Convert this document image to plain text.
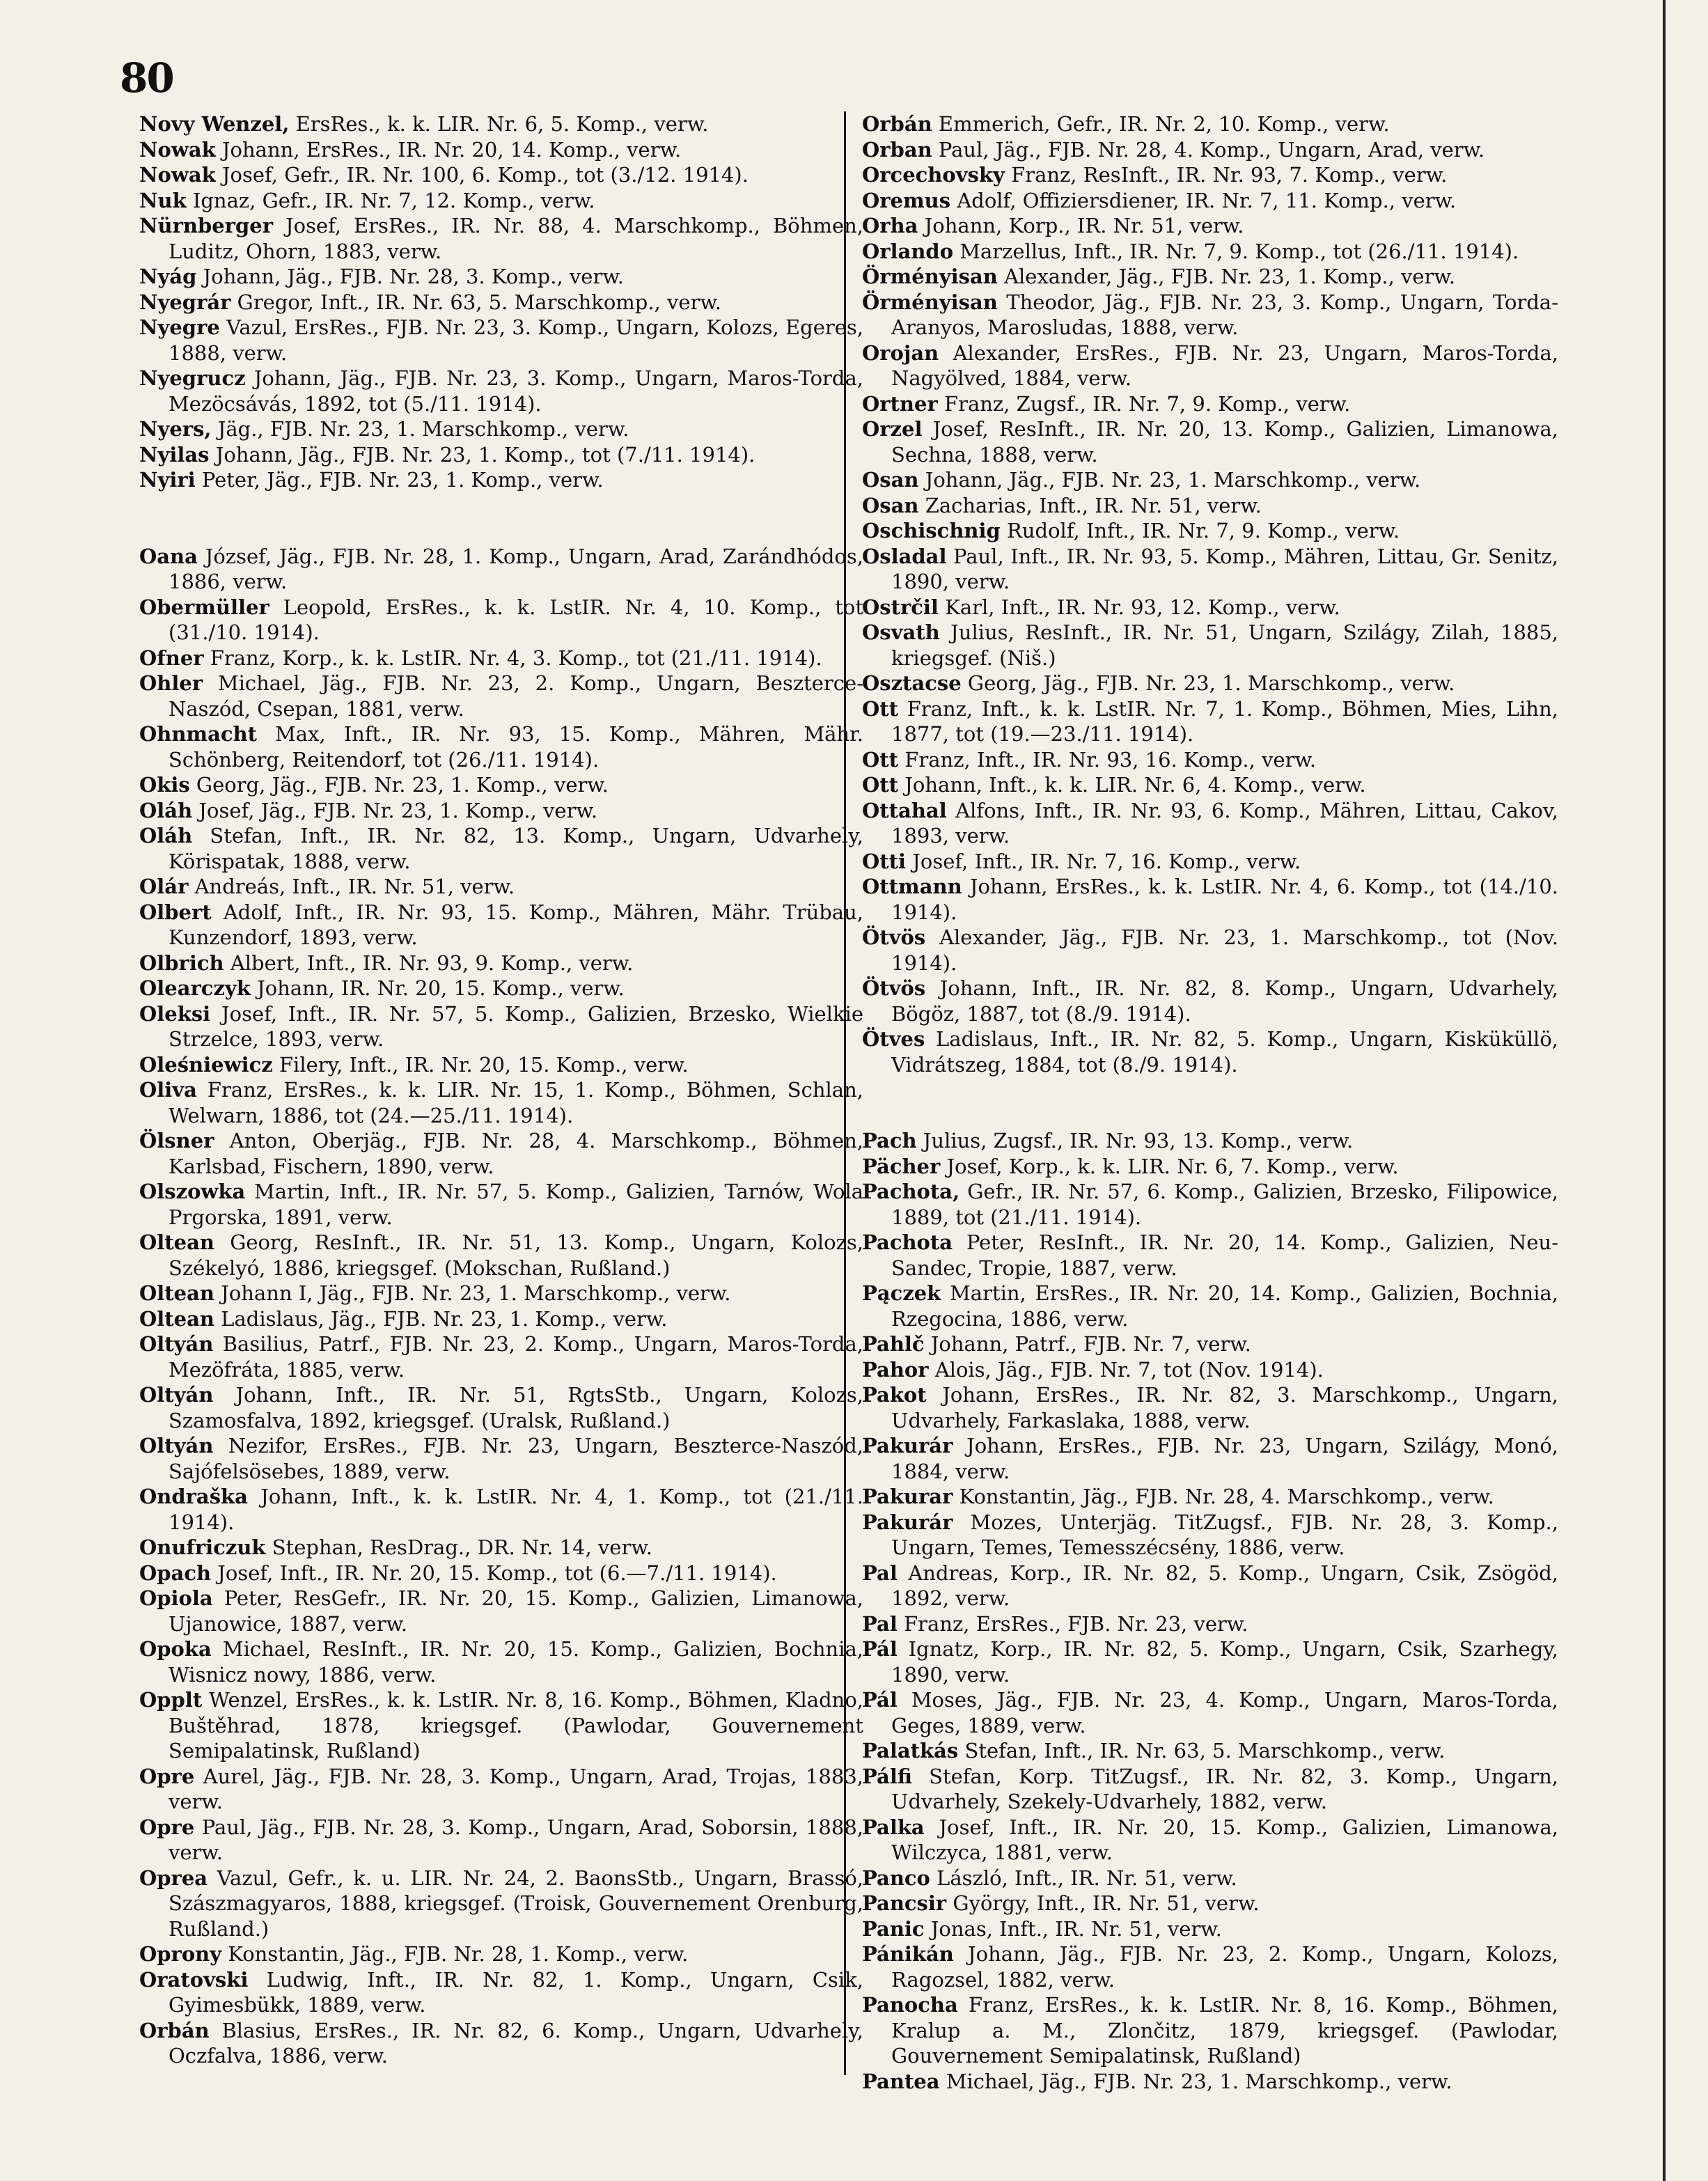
80

Novy Wenzel, ErsRes., k. k. LIR. Nr. 6, 5. Komp., verw.

Nowak Johann, ErsRes., IR. Nr. 20, 14. Komp., verw.

Nowak Josef, Gefr., IR. Nr. 100, 6. Komp., tot (3./12. 1914).

Nuk Ignaz, Gefr., IR. Nr. 7, 12. Komp., verw.

Nürnberger Josef, ErsRes., IR. Nr. 88, 4. Marschkomp., Böhmen, Luditz, Ohorn, 1883, verw.

Nyág Johann, Jäg., FJB. Nr. 28, 3. Komp., verw.

Nyegrár Gregor, Inft., IR. Nr. 63, 5. Marschkomp., verw.

Nyegre Vazul, ErsRes., FJB. Nr. 23, 3. Komp., Ungarn, Kolozs, Egeres, 1888, verw.

Nyegrucz Johann, Jäg., FJB. Nr. 23, 3. Komp., Ungarn, Maros-Torda, Mezöcsávás, 1892, tot (5./11. 1914).

Nyers, Jäg., FJB. Nr. 23, 1. Marschkomp., verw.

Nyilas Johann, Jäg., FJB. Nr. 23, 1. Komp., tot (7./11. 1914).

Nyiri Peter, Jäg., FJB. Nr. 23, 1. Komp., verw.

Oana József, Jäg., FJB. Nr. 28, 1. Komp., Ungarn, Arad, Zarándhódos, 1886, verw.

Obermüller Leopold, ErsRes., k. k. LstIR. Nr. 4, 10. Komp., tot (31./10. 1914).

Ofner Franz, Korp., k. k. LstIR. Nr. 4, 3. Komp., tot (21./11. 1914).

Ohler Michael, Jäg., FJB. Nr. 23, 2. Komp., Ungarn, Beszterce-Naszód, Csepan, 1881, verw.

Ohnmacht Max, Inft., IR. Nr. 93, 15. Komp., Mähren, Mähr. Schönberg, Reitendorf, tot (26./11. 1914).

Okis Georg, Jäg., FJB. Nr. 23, 1. Komp., verw.

Oláh Josef, Jäg., FJB. Nr. 23, 1. Komp., verw.

Oláh Stefan, Inft., IR. Nr. 82, 13. Komp., Ungarn, Udvarhely, Körispatak, 1888, verw.

Olár Andreás, Inft., IR. Nr. 51, verw.

Olbert Adolf, Inft., IR. Nr. 93, 15. Komp., Mähren, Mähr. Trübau, Kunzendorf, 1893, verw.

Olbrich Albert, Inft., IR. Nr. 93, 9. Komp., verw.

Olearczyk Johann, IR. Nr. 20, 15. Komp., verw.

Oleksi Josef, Inft., IR. Nr. 57, 5. Komp., Galizien, Brzesko, Wielkie Strzelce, 1893, verw.

Oleśniewicz Filery, Inft., IR. Nr. 20, 15. Komp., verw.

Oliva Franz, ErsRes., k. k. LIR. Nr. 15, 1. Komp., Böhmen, Schlan, Welwarn, 1886, tot (24.—25./11. 1914).

Ölsner Anton, Oberjäg., FJB. Nr. 28, 4. Marschkomp., Böhmen, Karlsbad, Fischern, 1890, verw.

Olszowka Martin, Inft., IR. Nr. 57, 5. Komp., Galizien, Tarnów, Wola Prgorska, 1891, verw.

Oltean Georg, ResInft., IR. Nr. 51, 13. Komp., Ungarn, Kolozs, Székelyó, 1886, kriegsgef. (Mokschan, Rußland.)

Oltean Johann I, Jäg., FJB. Nr. 23, 1. Marschkomp., verw.

Oltean Ladislaus, Jäg., FJB. Nr. 23, 1. Komp., verw.

Oltyán Basilius, Patrf., FJB. Nr. 23, 2. Komp., Ungarn, Maros-Torda, Mezöfráta, 1885, verw.

Oltyán Johann, Inft., IR. Nr. 51, RgtsStb., Ungarn, Kolozs, Szamosfalva, 1892, kriegsgef. (Uralsk, Rußland.)

Oltyán Nezifor, ErsRes., FJB. Nr. 23, Ungarn, Beszterce-Naszód, Sajófelsösebes, 1889, verw.

Ondraška Johann, Inft., k. k. LstIR. Nr. 4, 1. Komp., tot (21./11. 1914).

Onufriczuk Stephan, ResDrag., DR. Nr. 14, verw.

Opach Josef, Inft., IR. Nr. 20, 15. Komp., tot (6.—7./11. 1914).

Opiola Peter, ResGefr., IR. Nr. 20, 15. Komp., Galizien, Limanowa, Ujanowice, 1887, verw.

Opoka Michael, ResInft., IR. Nr. 20, 15. Komp., Galizien, Bochnia, Wisnicz nowy, 1886, verw.

Opplt Wenzel, ErsRes., k. k. LstIR. Nr. 8, 16. Komp., Böhmen, Kladno, Buštěhrad, 1878, kriegsgef. (Pawlodar, Gouvernement Semipalatinsk, Rußland)

Opre Aurel, Jäg., FJB. Nr. 28, 3. Komp., Ungarn, Arad, Trojas, 1883, verw.

Opre Paul, Jäg., FJB. Nr. 28, 3. Komp., Ungarn, Arad, Soborsin, 1888, verw.

Oprea Vazul, Gefr., k. u. LIR. Nr. 24, 2. BaonsStb., Ungarn, Brassó, Szászmagyaros, 1888, kriegsgef. (Troisk, Gouvernement Orenburg, Rußland.)

Oprony Konstantin, Jäg., FJB. Nr. 28, 1. Komp., verw.

Oratovski Ludwig, Inft., IR. Nr. 82, 1. Komp., Ungarn, Csik, Gyimesbükk, 1889, verw.

Orbán Blasius, ErsRes., IR. Nr. 82, 6. Komp., Ungarn, Udvarhely, Oczfalva, 1886, verw.

Orbán Emmerich, Gefr., IR. Nr. 2, 10. Komp., verw.

Orban Paul, Jäg., FJB. Nr. 28, 4. Komp., Ungarn, Arad, verw.

Orcechovsky Franz, ResInft., IR. Nr. 93, 7. Komp., verw.

Oremus Adolf, Offiziersdiener, IR. Nr. 7, 11. Komp., verw.

Orha Johann, Korp., IR. Nr. 51, verw.

Orlando Marzellus, Inft., IR. Nr. 7, 9. Komp., tot (26./11. 1914).

Örményisan Alexander, Jäg., FJB. Nr. 23, 1. Komp., verw.

Örményisan Theodor, Jäg., FJB. Nr. 23, 3. Komp., Ungarn, Torda-Aranyos, Marosludas, 1888, verw.

Orojan Alexander, ErsRes., FJB. Nr. 23, Ungarn, Maros-Torda, Nagyölved, 1884, verw.

Ortner Franz, Zugsf., IR. Nr. 7, 9. Komp., verw.

Orzel Josef, ResInft., IR. Nr. 20, 13. Komp., Galizien, Limanowa, Sechna, 1888, verw.

Osan Johann, Jäg., FJB. Nr. 23, 1. Marschkomp., verw.

Osan Zacharias, Inft., IR. Nr. 51, verw.

Oschischnig Rudolf, Inft., IR. Nr. 7, 9. Komp., verw.

Osladal Paul, Inft., IR. Nr. 93, 5. Komp., Mähren, Littau, Gr. Senitz, 1890, verw.

Ostrčil Karl, Inft., IR. Nr. 93, 12. Komp., verw.

Osvath Julius, ResInft., IR. Nr. 51, Ungarn, Szilágy, Zilah, 1885, kriegsgef. (Niš.)

Osztacse Georg, Jäg., FJB. Nr. 23, 1. Marschkomp., verw.

Ott Franz, Inft., k. k. LstIR. Nr. 7, 1. Komp., Böhmen, Mies, Lihn, 1877, tot (19.—23./11. 1914).

Ott Franz, Inft., IR. Nr. 93, 16. Komp., verw.

Ott Johann, Inft., k. k. LIR. Nr. 6, 4. Komp., verw.

Ottahal Alfons, Inft., IR. Nr. 93, 6. Komp., Mähren, Littau, Cakov, 1893, verw.

Otti Josef, Inft., IR. Nr. 7, 16. Komp., verw.

Ottmann Johann, ErsRes., k. k. LstIR. Nr. 4, 6. Komp., tot (14./10. 1914).

Ötvös Alexander, Jäg., FJB. Nr. 23, 1. Marschkomp., tot (Nov. 1914).

Ötvös Johann, Inft., IR. Nr. 82, 8. Komp., Ungarn, Udvarhely, Bögöz, 1887, tot (8./9. 1914).

Ötves Ladislaus, Inft., IR. Nr. 82, 5. Komp., Ungarn, Kisküküllö, Vidrátszeg, 1884, tot (8./9. 1914).

Pach Julius, Zugsf., IR. Nr. 93, 13. Komp., verw.

Pächer Josef, Korp., k. k. LIR. Nr. 6, 7. Komp., verw.

Pachota, Gefr., IR. Nr. 57, 6. Komp., Galizien, Brzesko, Filipowice, 1889, tot (21./11. 1914).

Pachota Peter, ResInft., IR. Nr. 20, 14. Komp., Galizien, Neu-Sandec, Tropie, 1887, verw.

Pączek Martin, ErsRes., IR. Nr. 20, 14. Komp., Galizien, Bochnia, Rzegocina, 1886, verw.

Pahlč Johann, Patrf., FJB. Nr. 7, verw.

Pahor Alois, Jäg., FJB. Nr. 7, tot (Nov. 1914).

Pakot Johann, ErsRes., IR. Nr. 82, 3. Marschkomp., Ungarn, Udvarhely, Farkaslaka, 1888, verw.

Pakurár Johann, ErsRes., FJB. Nr. 23, Ungarn, Szilágy, Monó, 1884, verw.

Pakurar Konstantin, Jäg., FJB. Nr. 28, 4. Marschkomp., verw.

Pakurár Mozes, Unterjäg. TitZugsf., FJB. Nr. 28, 3. Komp., Ungarn, Temes, Temesszécsény, 1886, verw.

Pal Andreas, Korp., IR. Nr. 82, 5. Komp., Ungarn, Csik, Zsögöd, 1892, verw.

Pal Franz, ErsRes., FJB. Nr. 23, verw.

Pál Ignatz, Korp., IR. Nr. 82, 5. Komp., Ungarn, Csik, Szarhegy, 1890, verw.

Pál Moses, Jäg., FJB. Nr. 23, 4. Komp., Ungarn, Maros-Torda, Geges, 1889, verw.

Palatkás Stefan, Inft., IR. Nr. 63, 5. Marschkomp., verw.

Pálfi Stefan, Korp. TitZugsf., IR. Nr. 82, 3. Komp., Ungarn, Udvarhely, Szekely-Udvarhely, 1882, verw.

Palka Josef, Inft., IR. Nr. 20, 15. Komp., Galizien, Limanowa, Wilczyca, 1881, verw.

Panco László, Inft., IR. Nr. 51, verw.

Pancsir György, Inft., IR. Nr. 51, verw.

Panic Jonas, Inft., IR. Nr. 51, verw.

Pánikán Johann, Jäg., FJB. Nr. 23, 2. Komp., Ungarn, Kolozs, Ragozsel, 1882, verw.

Panocha Franz, ErsRes., k. k. LstIR. Nr. 8, 16. Komp., Böhmen, Kralup a. M., Zlončitz, 1879, kriegsgef. (Pawlodar, Gouvernement Semipalatinsk, Rußland)

Pantea Michael, Jäg., FJB. Nr. 23, 1. Marschkomp., verw.
